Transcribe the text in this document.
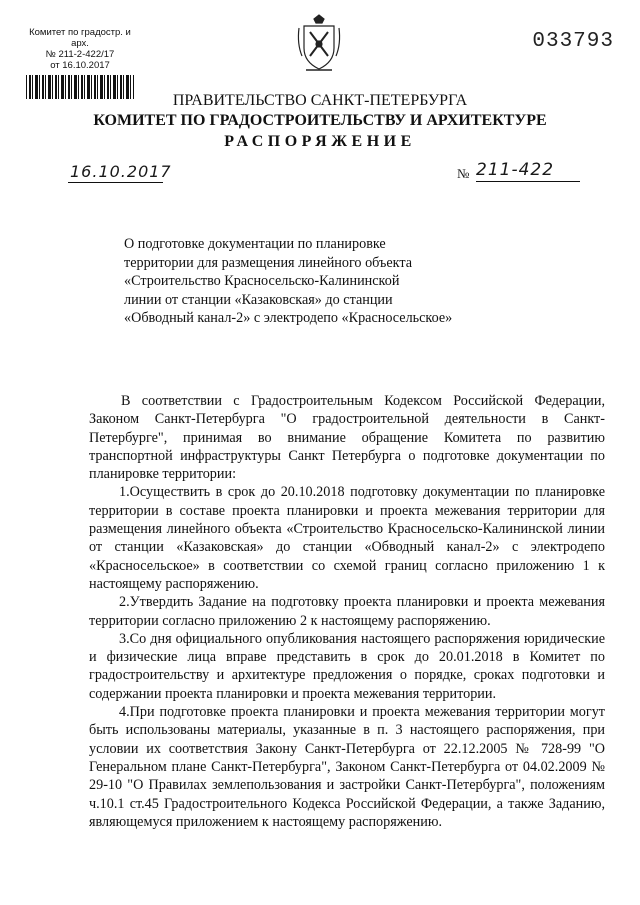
Комитет по градостр. и арх.
№ 211-2-422/17
от 16.10.2017
033793
ПРАВИТЕЛЬСТВО САНКТ-ПЕТЕРБУРГА
КОМИТЕТ ПО ГРАДОСТРОИТЕЛЬСТВУ И АРХИТЕКТУРЕ
РАСПОРЯЖЕНИЕ
16.10.2017	№ 211-422
О подготовке документации по планировке
территории для размещения линейного объекта
«Строительство Красносельско-Калининской
линии от станции «Казаковская» до станции
«Обводный канал-2» с электродепо «Красносельское»

В соответствии с Градостроительным Кодексом Российской Федерации, Законом Санкт-Петербурга "О градостроительной деятельности в Санкт-Петербурге", принимая во внимание обращение Комитета по развитию транспортной инфраструктуры Санкт Петербурга о подготовке документации по планировке территории:

1.Осуществить в срок до 20.10.2018 подготовку документации по планировке территории в составе проекта планировки и проекта межевания территории для размещения линейного объекта «Строительство Красносельско-Калининской линии от станции «Казаковская» до станции «Обводный канал-2» с электродепо «Красносельское» в соответствии со схемой границ согласно приложению 1 к настоящему распоряжению.

2.Утвердить Задание на подготовку проекта планировки и проекта межевания территории согласно приложению 2 к настоящему распоряжению.

3.Со дня официального опубликования настоящего распоряжения юридические и физические лица вправе представить в срок до 20.01.2018 в Комитет по градостроительству и архитектуре предложения о порядке, сроках подготовки и содержании проекта планировки и проекта межевания территории.

4.При подготовке проекта планировки и проекта межевания территории могут быть использованы материалы, указанные в п. 3 настоящего распоряжения, при условии их соответствия Закону Санкт-Петербурга от 22.12.2005 № 728-99 "О Генеральном плане Санкт-Петербурга", Законом Санкт-Петербурга от 04.02.2009 № 29-10 "О Правилах землепользования и застройки Санкт-Петербурга", положениям ч.10.1 ст.45 Градостроительного Кодекса Российской Федерации, а также Заданию, являющемуся приложением к настоящему распоряжению.
